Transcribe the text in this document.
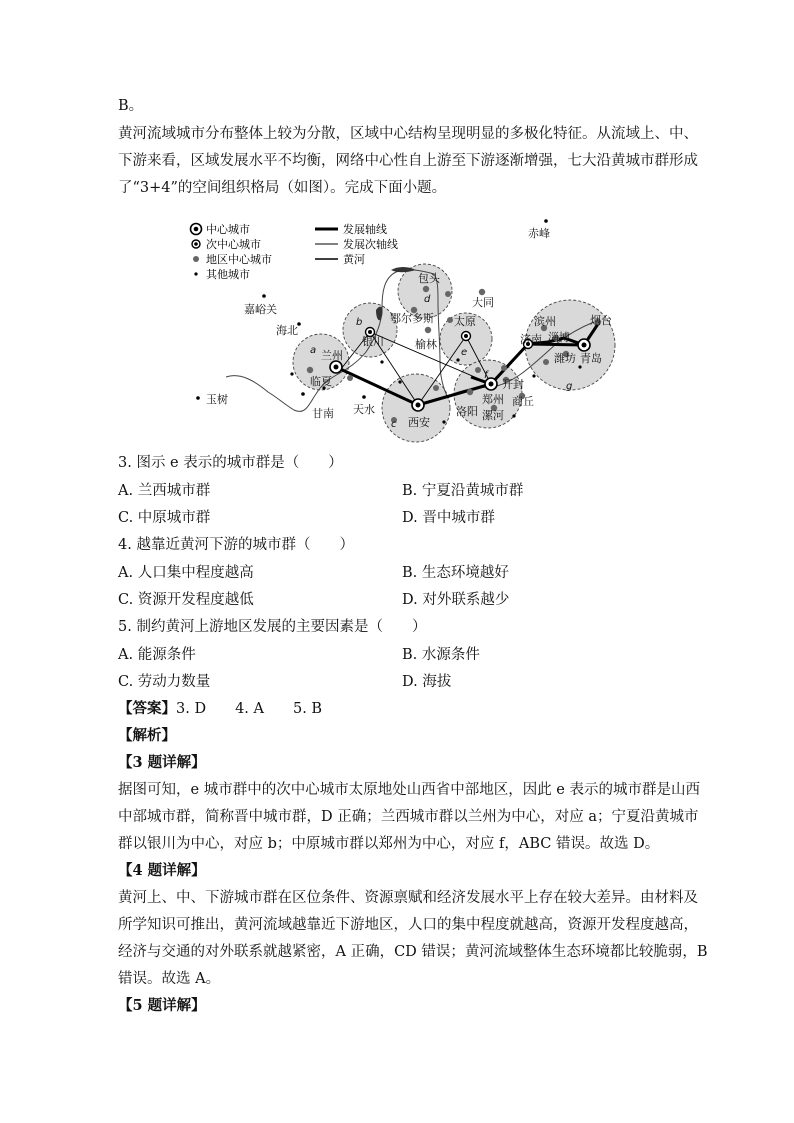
B。
黄河流域城市分布整体上较为分散，区域中心结构呈现明显的多极化特征。从流域上、中、
下游来看，区域发展水平不均衡，网络中心性自上游至下游逐渐增强，七大沿黄城市群形成
了“3+4”的空间组织格局（如图）。完成下面小题。
中心城市
次中心城市
地区中心城市
其他城市
发展轴线
发展次轴线
黄河
赤峰
包头
大同
嘉峪关
海北
鄂尔多斯 太原
银川	榆林
兰州
临夏
玉树
甘南 天水
西安
洛阳
郑州
开封
商丘
漯河
滨州
济南 淄博
潍坊 青岛
烟台
a
b
c
d
e
f
g
3. 图示 e 表示的城市群是（　　）
A. 兰西城市群	B. 宁夏沿黄城市群
C. 中原城市群	D. 晋中城市群
4. 越靠近黄河下游的城市群（　　）
A. 人口集中程度越高	B. 生态环境越好
C. 资源开发程度越低	D. 对外联系越少
5. 制约黄河上游地区发展的主要因素是（　　）
A. 能源条件	B. 水源条件
C. 劳动力数量	D. 海拔
【答案】3. D　　4. A　　5. B
【解析】
【3 题详解】
据图可知，e 城市群中的次中心城市太原地处山西省中部地区，因此 e 表示的城市群是山西
中部城市群，简称晋中城市群，D 正确；兰西城市群以兰州为中心，对应 a；宁夏沿黄城市
群以银川为中心，对应 b；中原城市群以郑州为中心，对应 f，ABC 错误。故选 D。
【4 题详解】
黄河上、中、下游城市群在区位条件、资源禀赋和经济发展水平上存在较大差异。由材料及
所学知识可推出，黄河流域越靠近下游地区，人口的集中程度就越高，资源开发程度越高，
经济与交通的对外联系就越紧密，A 正确，CD 错误；黄河流域整体生态环境都比较脆弱，B
错误。故选 A。
【5 题详解】
